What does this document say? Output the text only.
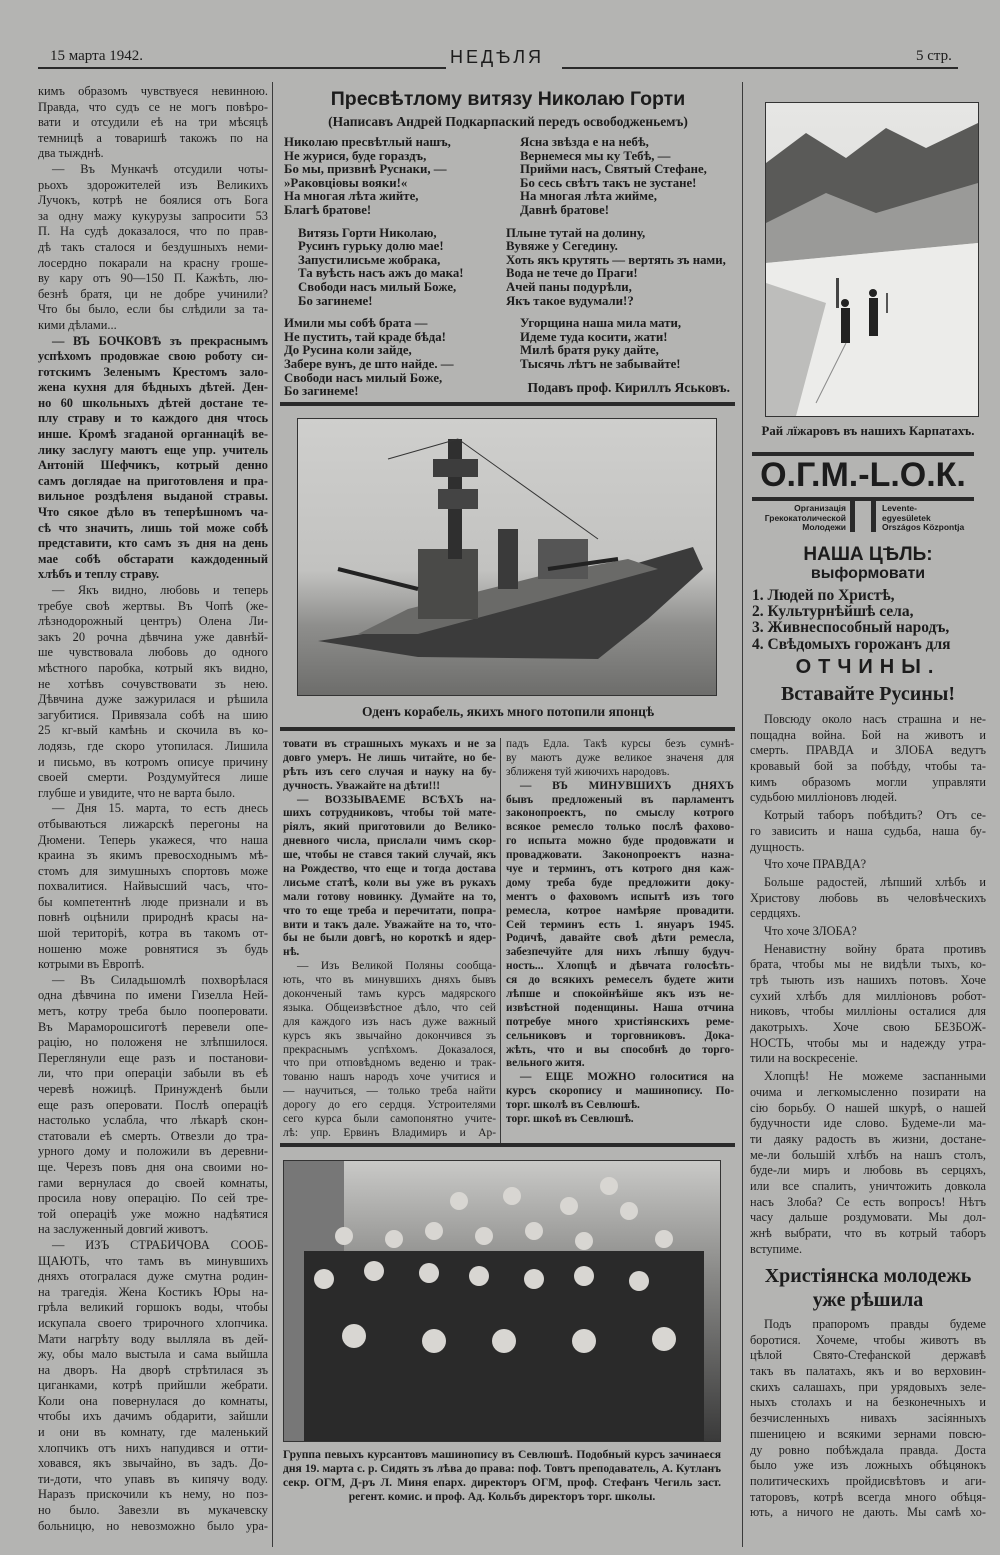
15 марта 1942.	НЕДѢЛЯ	5 стр.
кимъ образомъ чувствуеся невинною.
Правда, что судъ се не могъ повѣро-
вати и отсудили еѣ на три мѣсяцѣ
темницѣ а товаришѣ такожъ по на
два тыжднѣ.
— Въ Мункачѣ отсудили чоты-
рьохъ здорожителей изъ Великихъ
Лучокъ, котрѣ не боялися отъ Бога
за одну мажу кукурузы запросити 53
П. На судѣ доказалося, что по прав-
дѣ такъ сталося и бездушныхъ неми-
лосердно покарали на красну гроше-
ву кару отъ 90—150 П. Кажѣть, лю-
безнѣ братя, ци не добре учинили?
Что бы было, если бы слѣдили за та-
кими дѣлами...
— ВЪ БОЧКОВѢ зъ прекраснымъ
успѣхомъ продовжае свою роботу си-
готскимъ Зеленымъ Крестомъ зало-
жена кухня для бѣдныхъ дѣтей. Ден-
но 60 школьныхъ дѣтей достане те-
плу страву и то каждого дня чтось
инше. Кромѣ згаданой органнаціѣ ве-
лику заслугу маютъ еще упр. учитель
Антоній Шефчикъ, котрый денно
самъ доглядае на приготовленя и пра-
вильное роздѣленя выданой стравы.
Что сякое дѣло въ теперѣшномъ ча-
сѣ что значить, лишь той може собѣ
представити, кто самъ зъ дня на день
мае собѣ обстарати каждоденный
хлѣбъ и теплу страву.
— Якъ видно, любовь и теперь
требуе своѣ жертвы. Въ Чопѣ (же-
лѣзнодорожный центръ) Олена Ли-
закъ 20 рочна дѣвчина уже давнѣй-
ше чувствовала любовь до одного
мѣстного паробка, котрый якъ видно,
не хотѣвъ сочувствовати зъ нею.
Дѣвчина дуже зажурилася и рѣшила
загубитися. Привязала собѣ на шию
25 кг-вый камѣнь и скочила въ ко-
лодязь, где скоро утопилася. Лишила
и письмо, въ котромъ описуе причину
своей смерти. Роздумуйтеся лише
глубше и увидите, что не варта было.
— Дня 15. марта, то есть днесь
отбываються лижарскѣ перегоны на
Дюмени. Теперь укажеся, что наша
краина зъ якимъ превосходнымъ мѣ-
стомъ для зимушныхъ спортовъ може
похвалитися. Найвысший часъ, что-
бы компетентнѣ люде признали и въ
повнѣ оцѣнили природнѣ красы на-
шой територіѣ, котра въ такомъ от-
ношеню може ровнятися зъ будь
котрыми въ Европѣ.
— Въ Силадьшомлѣ похворѣлася
одна дѣвчина по имени Гизелла Ней-
метъ, котру треба было пооперовати.
Въ Мараморошсиготѣ перевели опе-
рацію, но положеня не злѣпшилося.
Переглянули еще разъ и постанови-
ли, что при операціи забыли въ еѣ
черевѣ ножицѣ. Принужденѣ были
еще разъ оперовати. Послѣ операціѣ
настолько услабла, что лѣкарѣ скон-
статовали еѣ смерть. Отвезли до тра-
урного дому и положили въ деревни-
ще. Черезъ повъ дня она своими но-
гами вернулася до своей комнаты,
просила нову операцію. По сей тре-
той операціѣ уже можно надѣятися
на заслуженный довгий животъ.
— ИЗЪ СТРАБИЧОВА СООБ-
ЩАЮТЬ, что тамъ въ минувшихъ
дняхъ отогралася дуже смутна родин-
на трагедія. Жена Костикъ Юры на-
грѣла великий горшокъ воды, чтобы
искупала своего трирочного хлопчика.
Мати нагрѣту воду вылляла въ дей-
жу, обы мало выстыла и сама выйшла
на дворъ. На дворѣ стрѣтилася зъ
циганками, котрѣ прийшли жебрати.
Коли она повернулася до комнаты,
чтобы ихъ дачимъ обдарити, зайшли
и они въ комнату, где маленький
хлопчикъ отъ нихъ напудився и отти-
ховався, якъ звычайно, въ задъ. До-
ти-доти, что упавъ въ кипячу воду.
Наразъ прискочили къ нему, но поз-
но было. Завезли въ мукачевску
больницю, но невозможно было ура-
Пресвѣтлому витязу Николаю Горти
(Написавъ Андрей Подкарпаский передъ освободженьемъ)
Николаю пресвѣтлый нашъ,
Не журися, буде гораздъ,
Бо мы, призвнѣ Руснаки, —
»Раковціовы вояки!«
На многая лѣта жийте,
Благѣ братове!
Витязь Горти Николаю,
Русинъ гурьку долю мае!
Запустилисьме жобрака,
Та вуѣсть насъ ажъ до мака!
Свободи насъ милый Боже,
Бо загинеме!
Имили мы собѣ брата —
Не пустить, тай краде бѣда!
До Русина коли зайде,
Забере вунъ, де што найде. —
Свободи насъ милый Боже,
Бо загинеме!
Ясна звѣзда е на небѣ,
Вернемеся мы ку Тебѣ, —
Прийми насъ, Святый Стефане,
Бо сесь свѣтъ такъ не зустане!
На многая лѣта жийме,
Давнѣ братове!
Плыне тутай на долину,
Вувяже у Сегедину.
Хоть якъ крутять — вертять зъ нами,
Вода не тече до Праги!
Ачей паны подурѣли,
Якъ такое вудумали!?
Угорщина наша мила мати,
Идеме туда косити, жати!
Милѣ братя руку дайте,
Тысячь лѣтъ не забывайте!
Подавъ проф. Кириллъ Яськовъ.
Оденъ корабель, якихъ много потопили японцѣ
товати въ страшныхъ мукахъ и не за
довго умеръ. Не лишь читайте, но бе-
рѣть изъ сего случая и науку на бу-
дучность. Уважайте на дѣти!!!
— ВОЗЗЫВАЕМЕ ВСѢХЪ на-
шихъ сотрудниковъ, чтобы той мате-
ріялъ, який приготовили до Велико-
дневного числа, прислали чимъ скор-
ше, чтобы не стався такий случай, якъ
на Рождество, что еще и тогда достава
лисьме статѣ, коли вы уже въ рукахъ
мали готову новинку. Думайте на то,
что то еще треба и перечитати, попра-
вити и такъ дале. Уважайте на то, что-
бы не были довгѣ, но короткѣ и ядер-
нѣ.
— Изъ Великой Поляны сообща-
ють, что въ минувшихъ дняхъ бывъ
доконченый тамъ курсъ мадярского
языка. Общеизвѣстное дѣло, что сей
для каждого изъ насъ дуже важный
курсъ якъ звычайно докончився зъ
прекраснымъ успѣхомъ. Доказалося,
что при отповѣдномъ веденю и трак-
тованю нашъ народъ хоче учитися и
— научиться, — только треба найти
дорогу до его сердця. Устроителями
сего курса были самопонятно учите-
лѣ: упр. Ервинъ Владимиръ и Ар-
падъ Едла. Такѣ курсы безъ сумнѣ-
ву маютъ дуже великое значеня для
зближеня туй жиючихъ народовъ.
— ВЪ МИНУВШИХЪ ДНЯХЪ
бывъ предложеный въ парламентъ
законопроектъ, по смыслу котрого
всякое ремесло только послѣ фахово-
го испыта можно буде продовжати и
проваджовати. Законопроектъ назна-
чуе и терминъ, отъ котрого дня каж-
дому треба буде предложити доку-
ментъ о фаховомъ испытѣ изъ того
ремесла, котрое намѣряе провадити.
Сей терминъ есть 1. януаръ 1945.
Родичѣ, давайте своѣ дѣти ремесла,
забезпечуйте для нихъ лѣпшу будуч-
ность... Хлопцѣ и дѣвчата голосѣть-
ся до всякихъ ремеселъ будете жити
лѣпше и спокойнѣйше якъ изъ не-
извѣстной поденщины. Наша отчина
потребуе много христіянскихъ реме-
сельниковъ и торговниковъ. Дока-
жѣть, что и вы способнѣ до торго-
вельного житя.
— ЕЩЕ МОЖНО голоситися на
курсъ скоропису и машинопису. По-
торг. школѣ въ Севлюшѣ.
торг. шкоѣ въ Севлюшѣ.
Группа певыхъ курсантовъ машинопису въ Севлюшѣ. Подобный курсъ зачинаеся дня 19. марта с. р. Сидять зъ лѣва до права: поф. Товтъ преподаватель, А. Кутланъ секр. ОГМ, Д-ръ Л. Миня епарх. директоръ ОГМ, проф. Стефанъ Чегиль заст. регент. комис. и проф. Ад. Кольбъ директоръ торг. школы.
Рай лїжаровъ въ нашихъ Карпатахъ.
О.Г.М.-L.О.К.
Организація
Грекокатолической
Молодежи
Levente-
egyesületek
Országos Központja
НАША ЦѢЛЬ:
выформовати
1. Людей по Христѣ,
2. Культурнѣйшѣ села,
3. Живнеспособный народъ,
4. Свѣдомыхъ горожанъ для
ОТЧИНЫ.
Вставайте Русины!
Повсюду около насъ страшна и не-
пощадна война. Бой на животъ и
смерть. ПРАВДА и ЗЛОБА ведутъ
кровавый бой за побѣду, чтобы та-
кимъ образомъ могли управляти
судьбою милліоновъ людей.
Котрый таборъ побѣдить? Отъ се-
го зависить и наша судьба, наша бу-
дущность.
Что хоче ПРАВДА?
Больше радостей, лѣпший хлѣбъ и
Христову любовь въ человѣческихъ
сердцяхъ.
Что хоче ЗЛОБА?
Ненавистну войну брата противъ
брата, чтобы мы не видѣли тыхъ, ко-
трѣ тыють изъ нашихъ потовъ. Хоче
сухий хлѣбъ для милліоновъ робот-
никовъ, чтобы милліоны осталися для
дакотрыхъ. Хоче свою БЕЗБОЖ-
НОСТЬ, чтобы мы и надежду утра-
тили на воскресеніе.
Хлопцѣ! Не можеме заспанными
очима и легкомысленно позирати на
сію борьбу. О нашей шкурѣ, о нашей
будучности иде слово. Будеме-ли ма-
ти даяку радость въ жизни, достане-
ме-ли большій хлѣбъ на нашъ столъ,
буде-ли миръ и любовь въ серцяхъ,
или все спалить, уничтожить довкола
насъ Злоба? Се есть вопросъ! Нѣтъ
часу дальше роздумовати. Мы дол-
жнѣ выбрати, что въ котрый таборъ
вступиме.
Христіянска молодежь
уже рѣшила
Подъ прапоромъ правды будеме
боротися. Хочеме, чтобы животъ въ
цѣлой Свято-Стефанской державѣ
такъ въ палатахъ, якъ и во верховин-
скихъ салашахъ, при урядовыхъ зеле-
ныхъ столахъ и на безконечныхъ и
безчисленныхъ нивахъ засіянныхъ
пшеницею и всякими зернами повсю-
ду ровно побѣждала правда. Доста
было уже изъ ложныхъ обѣцянокъ
политическихъ пройдисвѣтовъ и аги-
таторовъ, котрѣ всегда много обѣця-
ють, а ничого не дають. Мы самѣ хо-
